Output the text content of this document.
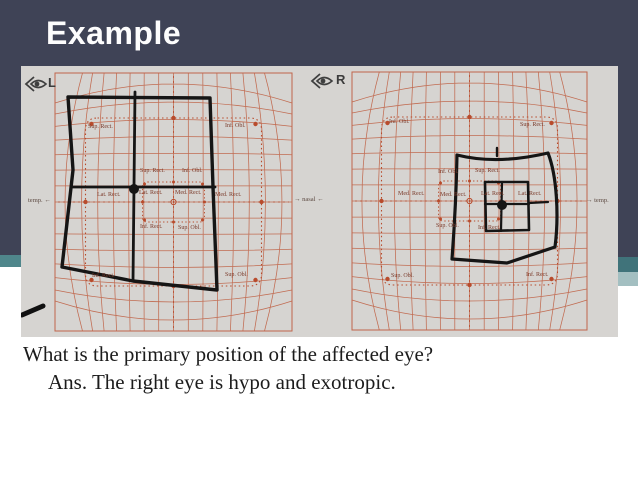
Example
L	R
Sup. Rect.	Inf. Obl.
Sup. Rect.	Inf. Obl.
Lat. Rect.	Lat. Rect. Med. Rect. Med. Rect.
Inf. Rect.	Sup. Obl.
Inf. Rect.	Sup. Obl.
Inf. Obl.	Sup. Rect.
Inf. Obl.	Sup. Rect.
Med. Rect.	Med. Rect. Lat. Rect. Lat. Rect.
Sup. Obl.	Inf. Rect.
Sup. Obl.	Inf. Rect.
temp. ←	→ nasal ←	→ temp.
What is the primary position of the affected eye?
Ans. The right eye is hypo and exotropic.
